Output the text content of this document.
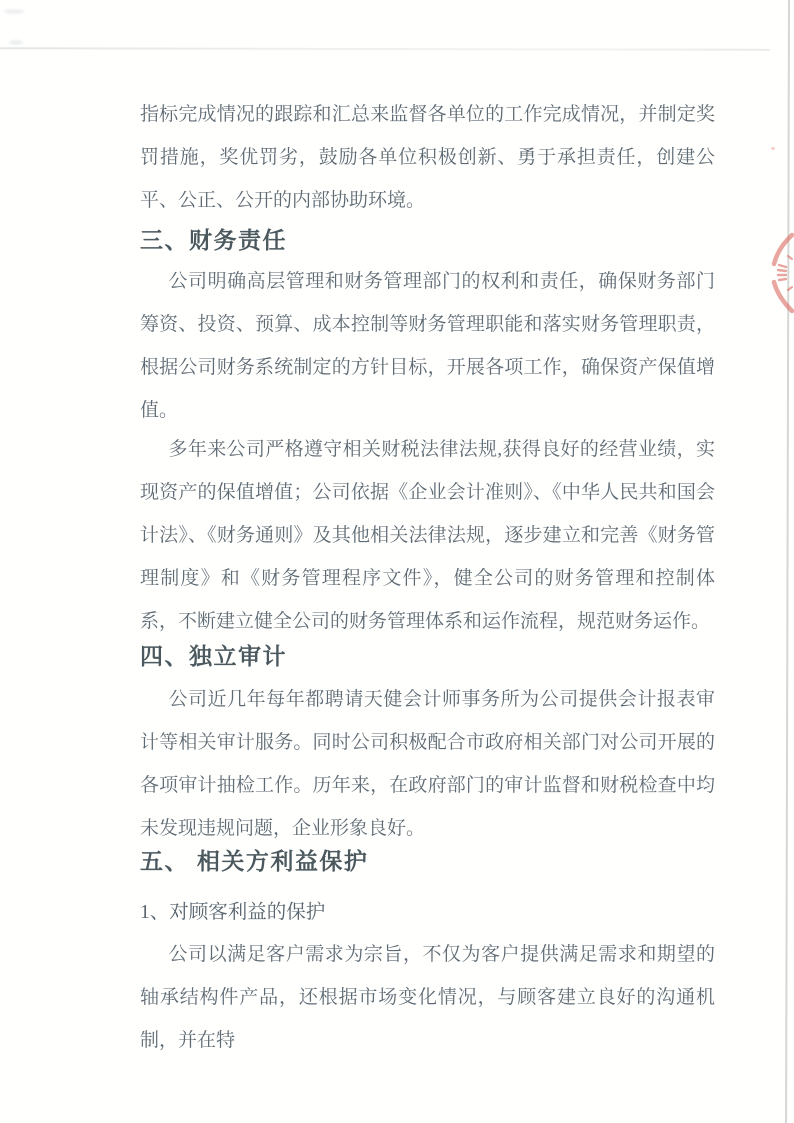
指标完成情况的跟踪和汇总来监督各单位的工作完成情况，并制定奖罚措施，奖优罚劣，鼓励各单位积极创新、勇于承担责任，创建公平、公正、公开的内部协助环境。
三、财务责任
公司明确高层管理和财务管理部门的权利和责任，确保财务部门筹资、投资、预算、成本控制等财务管理职能和落实财务管理职责，根据公司财务系统制定的方针目标，开展各项工作，确保资产保值增值。
多年来公司严格遵守相关财税法律法规,获得良好的经营业绩，实现资产的保值增值；公司依据《企业会计准则》、《中华人民共和国会计法》、《财务通则》及其他相关法律法规，逐步建立和完善《财务管理制度》和《财务管理程序文件》，健全公司的财务管理和控制体系，不断建立健全公司的财务管理体系和运作流程，规范财务运作。
四、独立审计
公司近几年每年都聘请天健会计师事务所为公司提供会计报表审计等相关审计服务。同时公司积极配合市政府相关部门对公司开展的各项审计抽检工作。历年来，在政府部门的审计监督和财税检查中均未发现违规问题，企业形象良好。
五、 相关方利益保护
1、对顾客利益的保护
公司以满足客户需求为宗旨，不仅为客户提供满足需求和期望的轴承结构件产品，还根据市场变化情况，与顾客建立良好的沟通机制，并在特
